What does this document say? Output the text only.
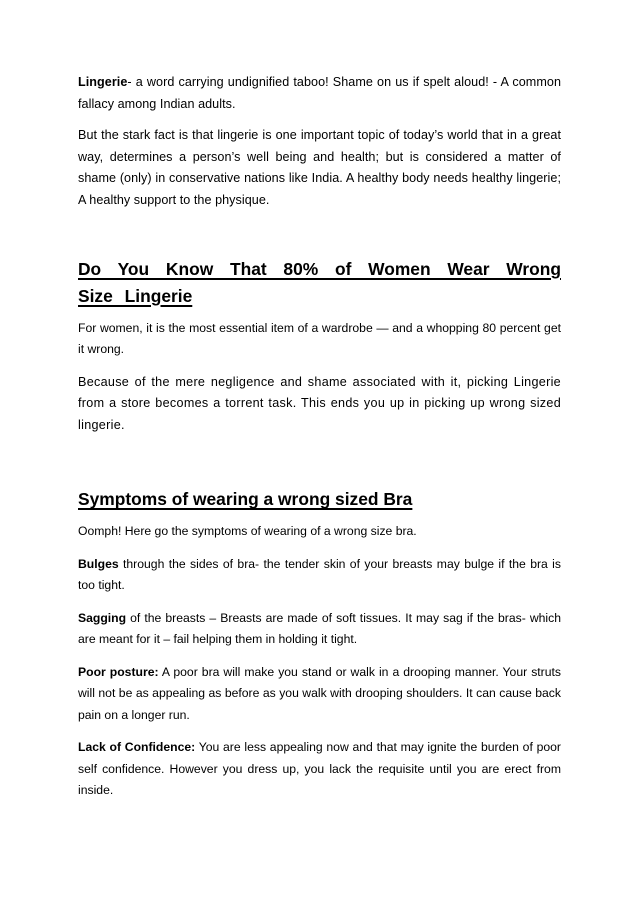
Lingerie- a word carrying undignified taboo! Shame on us if spelt aloud! - A common fallacy among Indian adults.

But the stark fact is that lingerie is one important topic of today’s world that in a great way, determines a person’s well being and health; but is considered a matter of shame (only) in conservative nations like India. A healthy body needs healthy lingerie; A healthy support to the physique.

Do You Know That 80% of Women Wear Wrong Size Lingerie

For women, it is the most essential item of a wardrobe — and a whopping 80 percent get it wrong.

Because of the mere negligence and shame associated with it, picking Lingerie from a store becomes a torrent task. This ends you up in picking up wrong sized lingerie.

Symptoms of wearing a wrong sized Bra

Oomph! Here go the symptoms of wearing of a wrong size bra.

Bulges through the sides of bra- the tender skin of your breasts may bulge if the bra is too tight.

Sagging of the breasts – Breasts are made of soft tissues. It may sag if the bras- which are meant for it – fail helping them in holding it tight.

Poor posture: A poor bra will make you stand or walk in a drooping manner. Your struts will not be as appealing as before as you walk with drooping shoulders. It can cause back pain on a longer run.

Lack of Confidence: You are less appealing now and that may ignite the burden of poor self confidence. However you dress up, you lack the requisite until you are erect from inside.
